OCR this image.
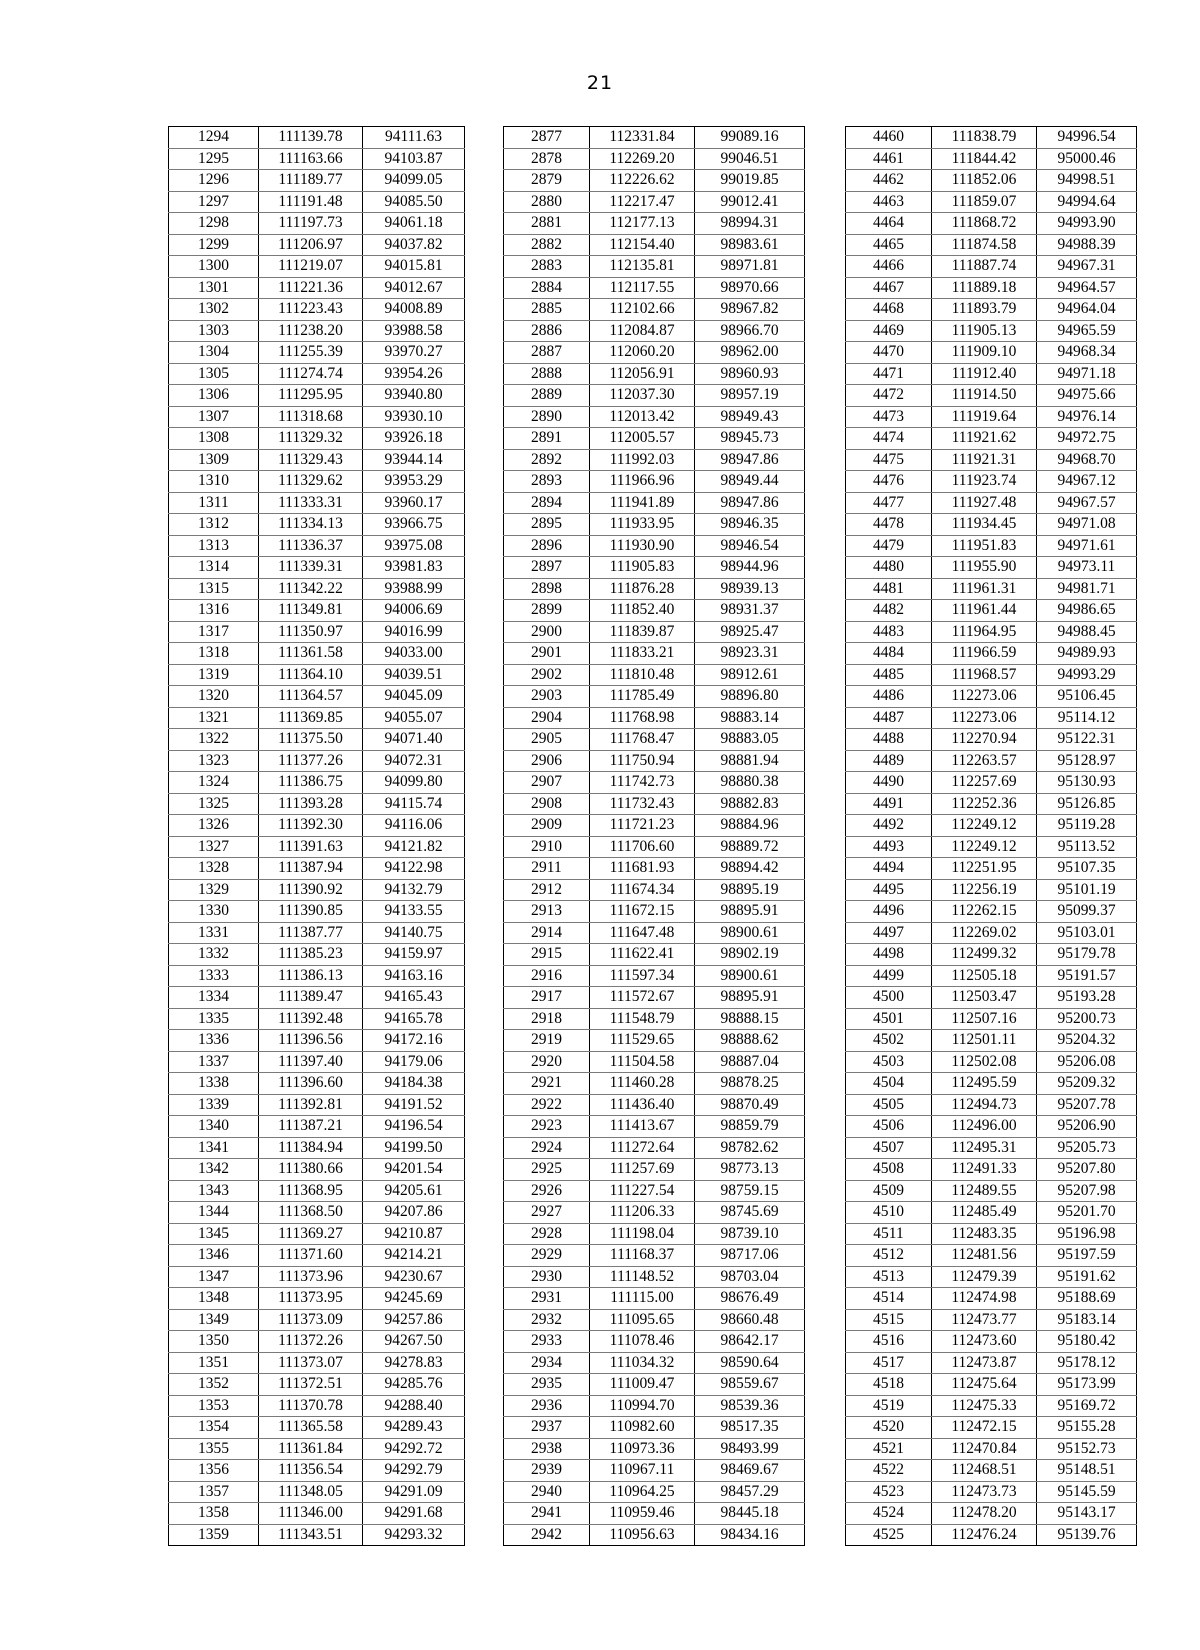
21
1294	111139.78	94111.63
1295	111163.66	94103.87
1296	111189.77	94099.05
1297	111191.48	94085.50
1298	111197.73	94061.18
1299	111206.97	94037.82
1300	111219.07	94015.81
1301	111221.36	94012.67
1302	111223.43	94008.89
1303	111238.20	93988.58
1304	111255.39	93970.27
1305	111274.74	93954.26
1306	111295.95	93940.80
1307	111318.68	93930.10
1308	111329.32	93926.18
1309	111329.43	93944.14
1310	111329.62	93953.29
1311	111333.31	93960.17
1312	111334.13	93966.75
1313	111336.37	93975.08
1314	111339.31	93981.83
1315	111342.22	93988.99
1316	111349.81	94006.69
1317	111350.97	94016.99
1318	111361.58	94033.00
1319	111364.10	94039.51
1320	111364.57	94045.09
1321	111369.85	94055.07
1322	111375.50	94071.40
1323	111377.26	94072.31
1324	111386.75	94099.80
1325	111393.28	94115.74
1326	111392.30	94116.06
1327	111391.63	94121.82
1328	111387.94	94122.98
1329	111390.92	94132.79
1330	111390.85	94133.55
1331	111387.77	94140.75
1332	111385.23	94159.97
1333	111386.13	94163.16
1334	111389.47	94165.43
1335	111392.48	94165.78
1336	111396.56	94172.16
1337	111397.40	94179.06
1338	111396.60	94184.38
1339	111392.81	94191.52
1340	111387.21	94196.54
1341	111384.94	94199.50
1342	111380.66	94201.54
1343	111368.95	94205.61
1344	111368.50	94207.86
1345	111369.27	94210.87
1346	111371.60	94214.21
1347	111373.96	94230.67
1348	111373.95	94245.69
1349	111373.09	94257.86
1350	111372.26	94267.50
1351	111373.07	94278.83
1352	111372.51	94285.76
1353	111370.78	94288.40
1354	111365.58	94289.43
1355	111361.84	94292.72
1356	111356.54	94292.79
1357	111348.05	94291.09
1358	111346.00	94291.68
1359	111343.51	94293.32
2877	112331.84	99089.16
2878	112269.20	99046.51
2879	112226.62	99019.85
2880	112217.47	99012.41
2881	112177.13	98994.31
2882	112154.40	98983.61
2883	112135.81	98971.81
2884	112117.55	98970.66
2885	112102.66	98967.82
2886	112084.87	98966.70
2887	112060.20	98962.00
2888	112056.91	98960.93
2889	112037.30	98957.19
2890	112013.42	98949.43
2891	112005.57	98945.73
2892	111992.03	98947.86
2893	111966.96	98949.44
2894	111941.89	98947.86
2895	111933.95	98946.35
2896	111930.90	98946.54
2897	111905.83	98944.96
2898	111876.28	98939.13
2899	111852.40	98931.37
2900	111839.87	98925.47
2901	111833.21	98923.31
2902	111810.48	98912.61
2903	111785.49	98896.80
2904	111768.98	98883.14
2905	111768.47	98883.05
2906	111750.94	98881.94
2907	111742.73	98880.38
2908	111732.43	98882.83
2909	111721.23	98884.96
2910	111706.60	98889.72
2911	111681.93	98894.42
2912	111674.34	98895.19
2913	111672.15	98895.91
2914	111647.48	98900.61
2915	111622.41	98902.19
2916	111597.34	98900.61
2917	111572.67	98895.91
2918	111548.79	98888.15
2919	111529.65	98888.62
2920	111504.58	98887.04
2921	111460.28	98878.25
2922	111436.40	98870.49
2923	111413.67	98859.79
2924	111272.64	98782.62
2925	111257.69	98773.13
2926	111227.54	98759.15
2927	111206.33	98745.69
2928	111198.04	98739.10
2929	111168.37	98717.06
2930	111148.52	98703.04
2931	111115.00	98676.49
2932	111095.65	98660.48
2933	111078.46	98642.17
2934	111034.32	98590.64
2935	111009.47	98559.67
2936	110994.70	98539.36
2937	110982.60	98517.35
2938	110973.36	98493.99
2939	110967.11	98469.67
2940	110964.25	98457.29
2941	110959.46	98445.18
2942	110956.63	98434.16
4460	111838.79	94996.54
4461	111844.42	95000.46
4462	111852.06	94998.51
4463	111859.07	94994.64
4464	111868.72	94993.90
4465	111874.58	94988.39
4466	111887.74	94967.31
4467	111889.18	94964.57
4468	111893.79	94964.04
4469	111905.13	94965.59
4470	111909.10	94968.34
4471	111912.40	94971.18
4472	111914.50	94975.66
4473	111919.64	94976.14
4474	111921.62	94972.75
4475	111921.31	94968.70
4476	111923.74	94967.12
4477	111927.48	94967.57
4478	111934.45	94971.08
4479	111951.83	94971.61
4480	111955.90	94973.11
4481	111961.31	94981.71
4482	111961.44	94986.65
4483	111964.95	94988.45
4484	111966.59	94989.93
4485	111968.57	94993.29
4486	112273.06	95106.45
4487	112273.06	95114.12
4488	112270.94	95122.31
4489	112263.57	95128.97
4490	112257.69	95130.93
4491	112252.36	95126.85
4492	112249.12	95119.28
4493	112249.12	95113.52
4494	112251.95	95107.35
4495	112256.19	95101.19
4496	112262.15	95099.37
4497	112269.02	95103.01
4498	112499.32	95179.78
4499	112505.18	95191.57
4500	112503.47	95193.28
4501	112507.16	95200.73
4502	112501.11	95204.32
4503	112502.08	95206.08
4504	112495.59	95209.32
4505	112494.73	95207.78
4506	112496.00	95206.90
4507	112495.31	95205.73
4508	112491.33	95207.80
4509	112489.55	95207.98
4510	112485.49	95201.70
4511	112483.35	95196.98
4512	112481.56	95197.59
4513	112479.39	95191.62
4514	112474.98	95188.69
4515	112473.77	95183.14
4516	112473.60	95180.42
4517	112473.87	95178.12
4518	112475.64	95173.99
4519	112475.33	95169.72
4520	112472.15	95155.28
4521	112470.84	95152.73
4522	112468.51	95148.51
4523	112473.73	95145.59
4524	112478.20	95143.17
4525	112476.24	95139.76
